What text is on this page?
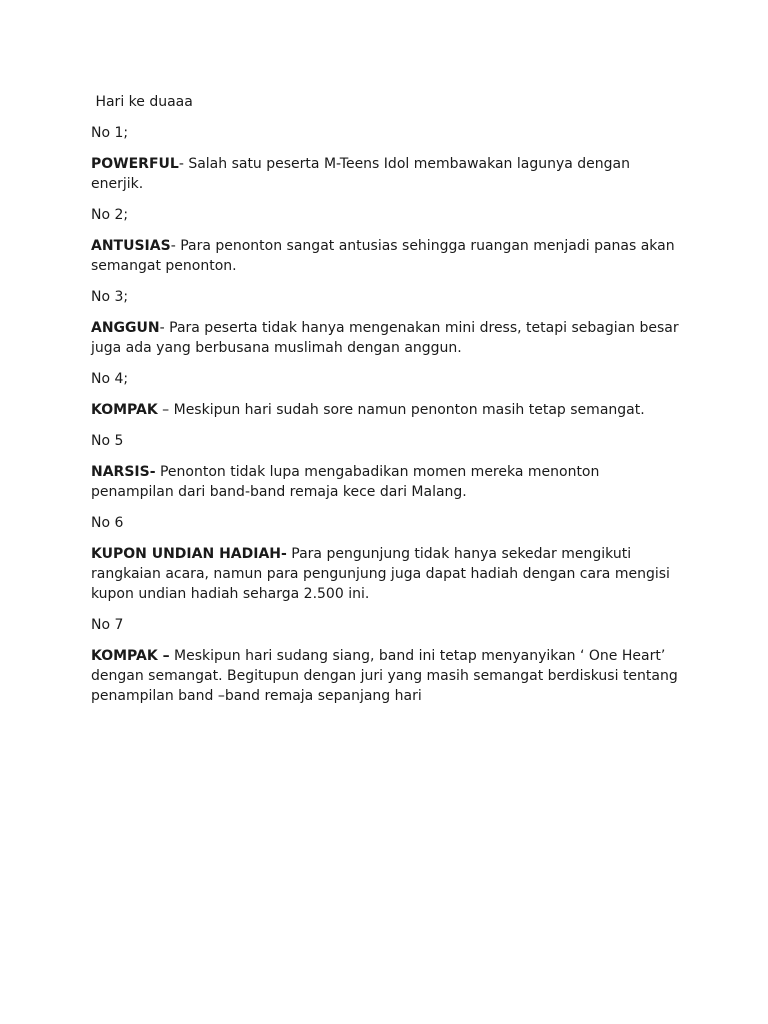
Hari ke duaaa

No 1;

POWERFUL- Salah satu peserta M-Teens Idol membawakan lagunya dengan enerjik.

No 2;

ANTUSIAS- Para penonton sangat antusias sehingga ruangan menjadi panas akan semangat penonton.

No 3;

ANGGUN- Para peserta tidak hanya mengenakan mini dress, tetapi sebagian besar juga ada yang berbusana muslimah dengan anggun.

No 4;

KOMPAK – Meskipun hari sudah sore namun penonton masih tetap semangat.

No 5

NARSIS- Penonton tidak lupa mengabadikan momen mereka menonton penampilan dari band-band remaja kece dari Malang.

No 6

KUPON UNDIAN HADIAH- Para pengunjung tidak hanya sekedar mengikuti rangkaian acara, namun para pengunjung juga dapat hadiah dengan cara mengisi kupon undian hadiah seharga 2.500 ini.

No 7

KOMPAK – Meskipun hari sudang siang, band ini tetap menyanyikan ‘ One Heart’ dengan semangat. Begitupun dengan juri yang masih semangat berdiskusi tentang penampilan band –band remaja sepanjang hari
